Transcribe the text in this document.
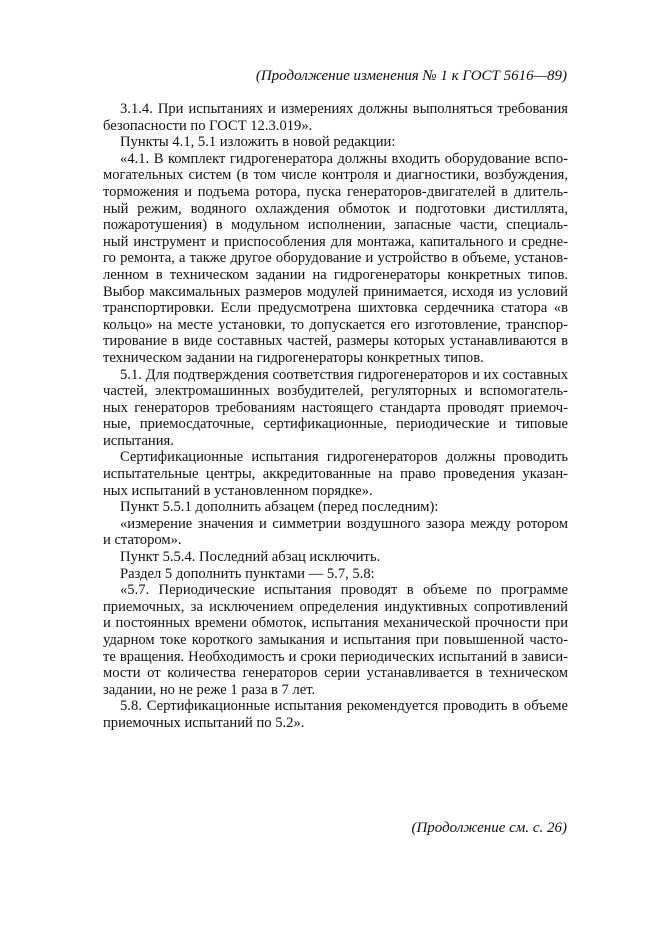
(Продолжение изменения № 1 к ГОСТ 5616—89)
3.1.4. При испытаниях и измерениях должны выполняться требования
безопасности по ГОСТ 12.3.019».
Пункты 4.1, 5.1 изложить в новой редакции:
«4.1. В комплект гидрогенератора должны входить оборудование вспо-
могательных систем (в том числе контроля и диагностики, возбуждения,
торможения и подъема ротора, пуска генераторов-двигателей в длитель-
ный режим, водяного охлаждения обмоток и подготовки дистиллята,
пожаротушения) в модульном исполнении, запасные части, специаль-
ный инструмент и приспособления для монтажа, капитального и средне-
го ремонта, а также другое оборудование и устройство в объеме, установ-
ленном в техническом задании на гидрогенераторы конкретных типов.
Выбор максимальных размеров модулей принимается, исходя из условий
транспортировки. Если предусмотрена шихтовка сердечника статора «в
кольцо» на месте установки, то допускается его изготовление, транспор-
тирование в виде составных частей, размеры которых устанавливаются в
техническом задании на гидрогенераторы конкретных типов.
5.1. Для подтверждения соответствия гидрогенераторов и их составных
частей, электромашинных возбудителей, регуляторных и вспомогатель-
ных генераторов требованиям настоящего стандарта проводят приемоч-
ные, приемосдаточные, сертификационные, периодические и типовые
испытания.
Сертификационные испытания гидрогенераторов должны проводить
испытательные центры, аккредитованные на право проведения указан-
ных испытаний в установленном порядке».
Пункт 5.5.1 дополнить абзацем (перед последним):
«измерение значения и симметрии воздушного зазора между ротором
и статором».
Пункт 5.5.4. Последний абзац исключить.
Раздел 5 дополнить пунктами — 5.7, 5.8:
«5.7. Периодические испытания проводят в объеме по программе
приемочных, за исключением определения индуктивных сопротивлений
и постоянных времени обмоток, испытания механической прочности при
ударном токе короткого замыкания и испытания при повышенной часто-
те вращения. Необходимость и сроки периодических испытаний в зависи-
мости от количества генераторов серии устанавливается в техническом
задании, но не реже 1 раза в 7 лет.
5.8. Сертификационные испытания рекомендуется проводить в объеме
приемочных испытаний по 5.2».
(Продолжение см. с. 26)
